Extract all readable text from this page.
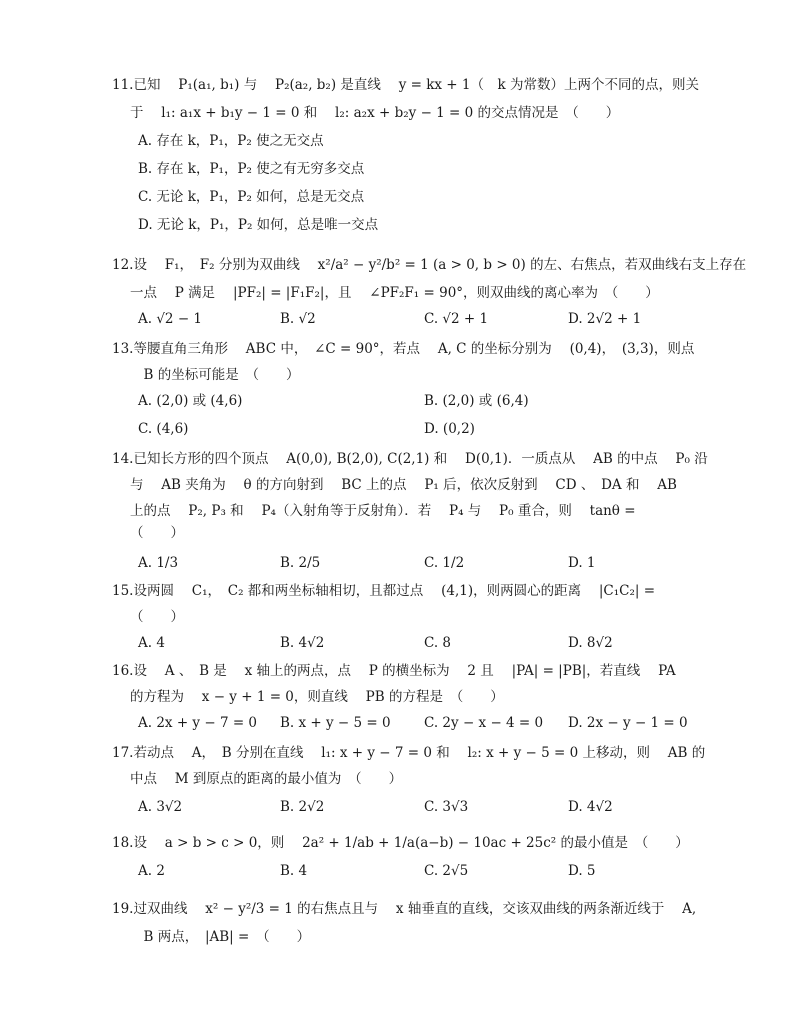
11.已知　 P₁(a₁, b₁) 与　 P₂(a₂, b₂) 是直线　 y = kx + 1（　k 为常数）上两个不同的点，则关
于　 l₁: a₁x + b₁y − 1 = 0 和　 l₂: a₂x + b₂y − 1 = 0 的交点情况是　（　　）
A. 存在 k，P₁，P₂ 使之无交点
B. 存在 k，P₁，P₂ 使之有无穷多交点
C. 无论 k，P₁，P₂ 如何，总是无交点
D. 无论 k，P₁，P₂ 如何，总是唯一交点
12.设　 F₁，　F₂ 分别为双曲线　 x²/a² − y²/b² = 1 (a > 0, b > 0) 的左、右焦点，若双曲线右支上存在
一点　 P 满足　 |PF₂| = |F₁F₂|，且　 ∠PF₂F₁ = 90°，则双曲线的离心率为　（　　）
A. √2 − 1	B. √2	C. √2 + 1	D. 2√2 + 1
13.等腰直角三角形　 ABC 中，　∠C = 90°，若点　 A, C 的坐标分别为　 (0,4)，　(3,3)，则点
　B 的坐标可能是　（　　）
A. (2,0) 或 (4,6)	B. (2,0) 或 (6,4)
C. (4,6)	D. (0,2)
14.已知长方形的四个顶点　 A(0,0), B(2,0), C(2,1) 和　 D(0,1)．一质点从　 AB 的中点　 P₀ 沿
与　 AB 夹角为　 θ 的方向射到　 BC 上的点　 P₁ 后，依次反射到　 CD 、　DA 和　 AB
上的点　 P₂, P₃ 和　 P₄（入射角等于反射角）．若　 P₄ 与　 P₀ 重合，则　 tanθ =
（　　）
A. 1/3	B. 2/5	C. 1/2	D. 1
15.设两圆　 C₁，　C₂ 都和两坐标轴相切，且都过点　 (4,1)，则两圆心的距离　 |C₁C₂| =
（　　）
A. 4	B. 4√2	C. 8	D. 8√2
16.设　 A 、　B 是　 x 轴上的两点，点　 P 的横坐标为　 2 且　 |PA| = |PB|，若直线　 PA
的方程为　 x − y + 1 = 0，则直线　 PB 的方程是　（　　）
A. 2x + y − 7 = 0 B. x + y − 5 = 0 C. 2y − x − 4 = 0 D. 2x − y − 1 = 0
17.若动点　 A，　B 分别在直线　 l₁: x + y − 7 = 0 和　 l₂: x + y − 5 = 0 上移动，则　 AB 的
中点　 M 到原点的距离的最小值为　（　　）
A. 3√2	B. 2√2	C. 3√3	D. 4√2
18.设　 a > b > c > 0，则　 2a² + 1/ab + 1/a(a−b) − 10ac + 25c² 的最小值是　（　　）
A. 2	B. 4	C. 2√5	D. 5
19.过双曲线　 x² − y²/3 = 1 的右焦点且与　 x 轴垂直的直线，交该双曲线的两条渐近线于　 A,
　B 两点，　|AB| =　（　　）
